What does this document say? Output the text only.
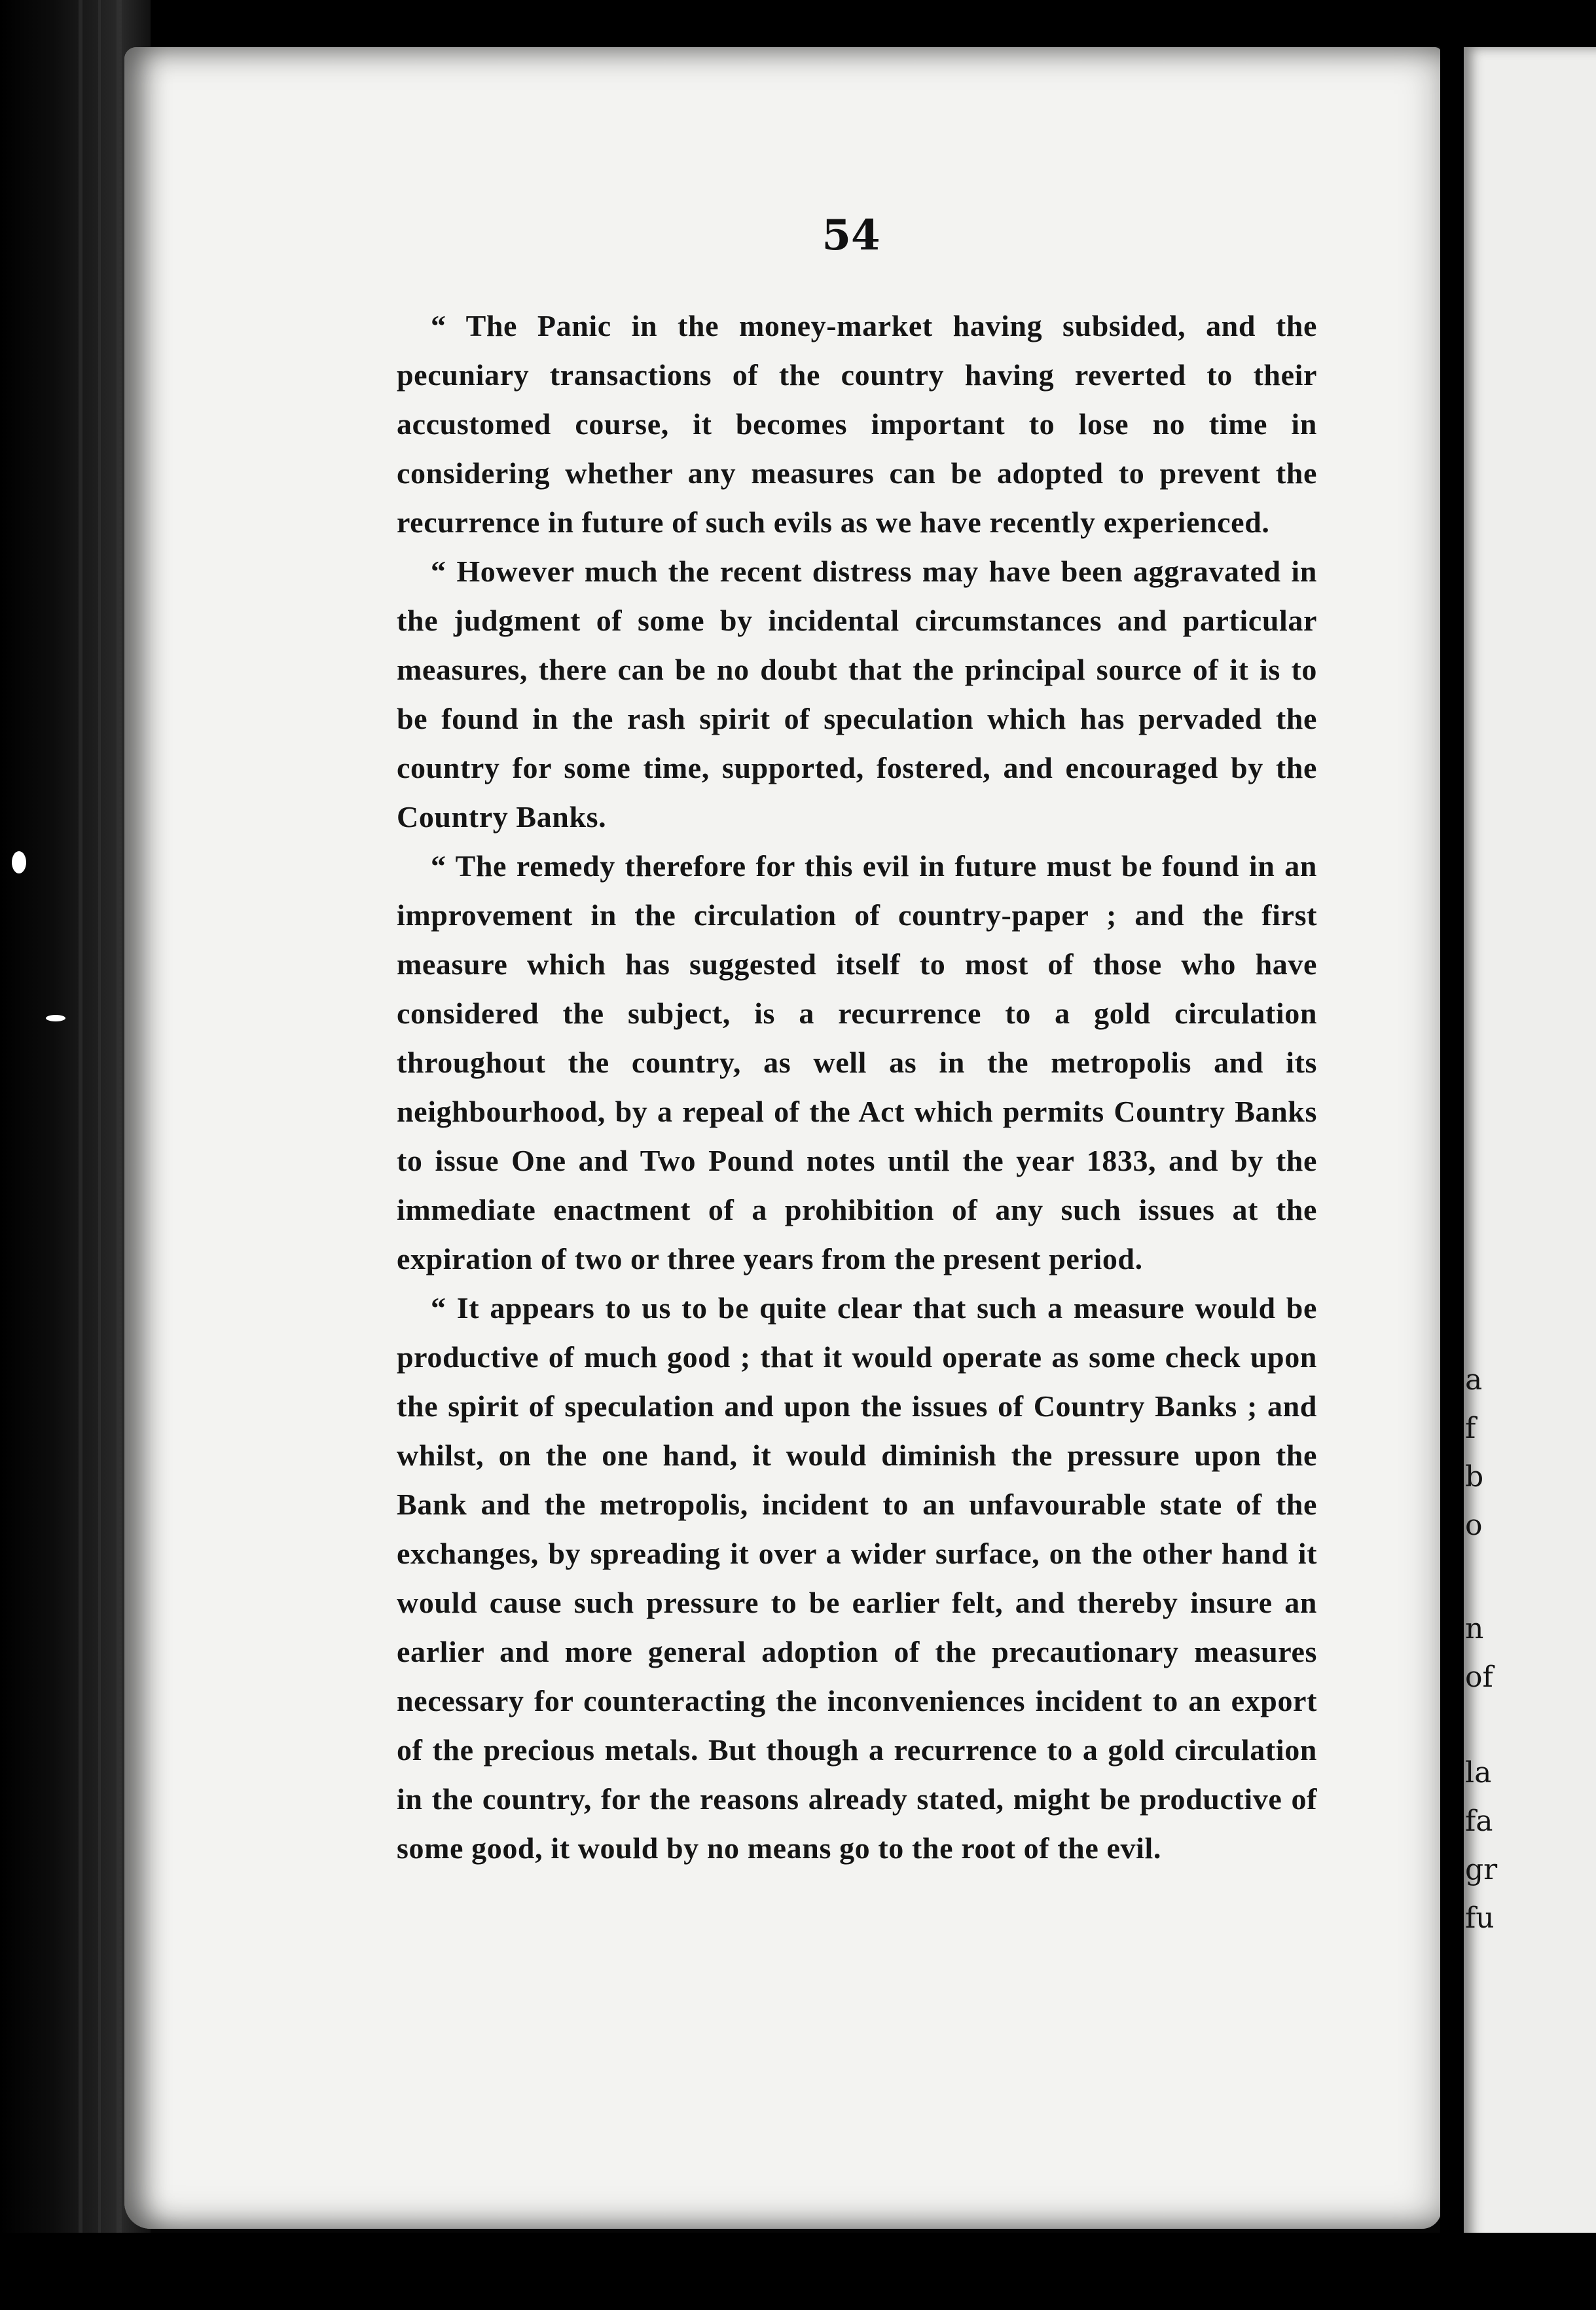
a
f
b
o
n
of
la
fa
gr
fu
54

“ The Panic in the money-market having subsided, and the pecuniary transactions of the country having reverted to their accustomed course, it becomes important to lose no time in considering whether any measures can be adopted to prevent the recurrence in future of such evils as we have recently experienced.

“ However much the recent distress may have been aggravated in the judgment of some by incidental circumstances and particular measures, there can be no doubt that the principal source of it is to be found in the rash spirit of speculation which has pervaded the country for some time, supported, fostered, and encouraged by the Country Banks.

“ The remedy therefore for this evil in future must be found in an improvement in the circulation of country-paper ; and the first measure which has suggested itself to most of those who have considered the subject, is a recurrence to a gold circulation throughout the country, as well as in the metropolis and its neighbourhood, by a repeal of the Act which permits Country Banks to issue One and Two Pound notes until the year 1833, and by the immediate enactment of a prohibition of any such issues at the expiration of two or three years from the present period.

“ It appears to us to be quite clear that such a measure would be productive of much good ; that it would operate as some check upon the spirit of speculation and upon the issues of Country Banks ; and whilst, on the one hand, it would diminish the pressure upon the Bank and the metropolis, incident to an unfavourable state of the exchanges, by spreading it over a wider surface, on the other hand it would cause such pressure to be earlier felt, and thereby insure an earlier and more general adoption of the precautionary measures necessary for counteracting the inconveniences incident to an export of the precious metals. But though a recurrence to a gold circulation in the country, for the reasons already stated, might be productive of some good, it would by no means go to the root of the evil.
